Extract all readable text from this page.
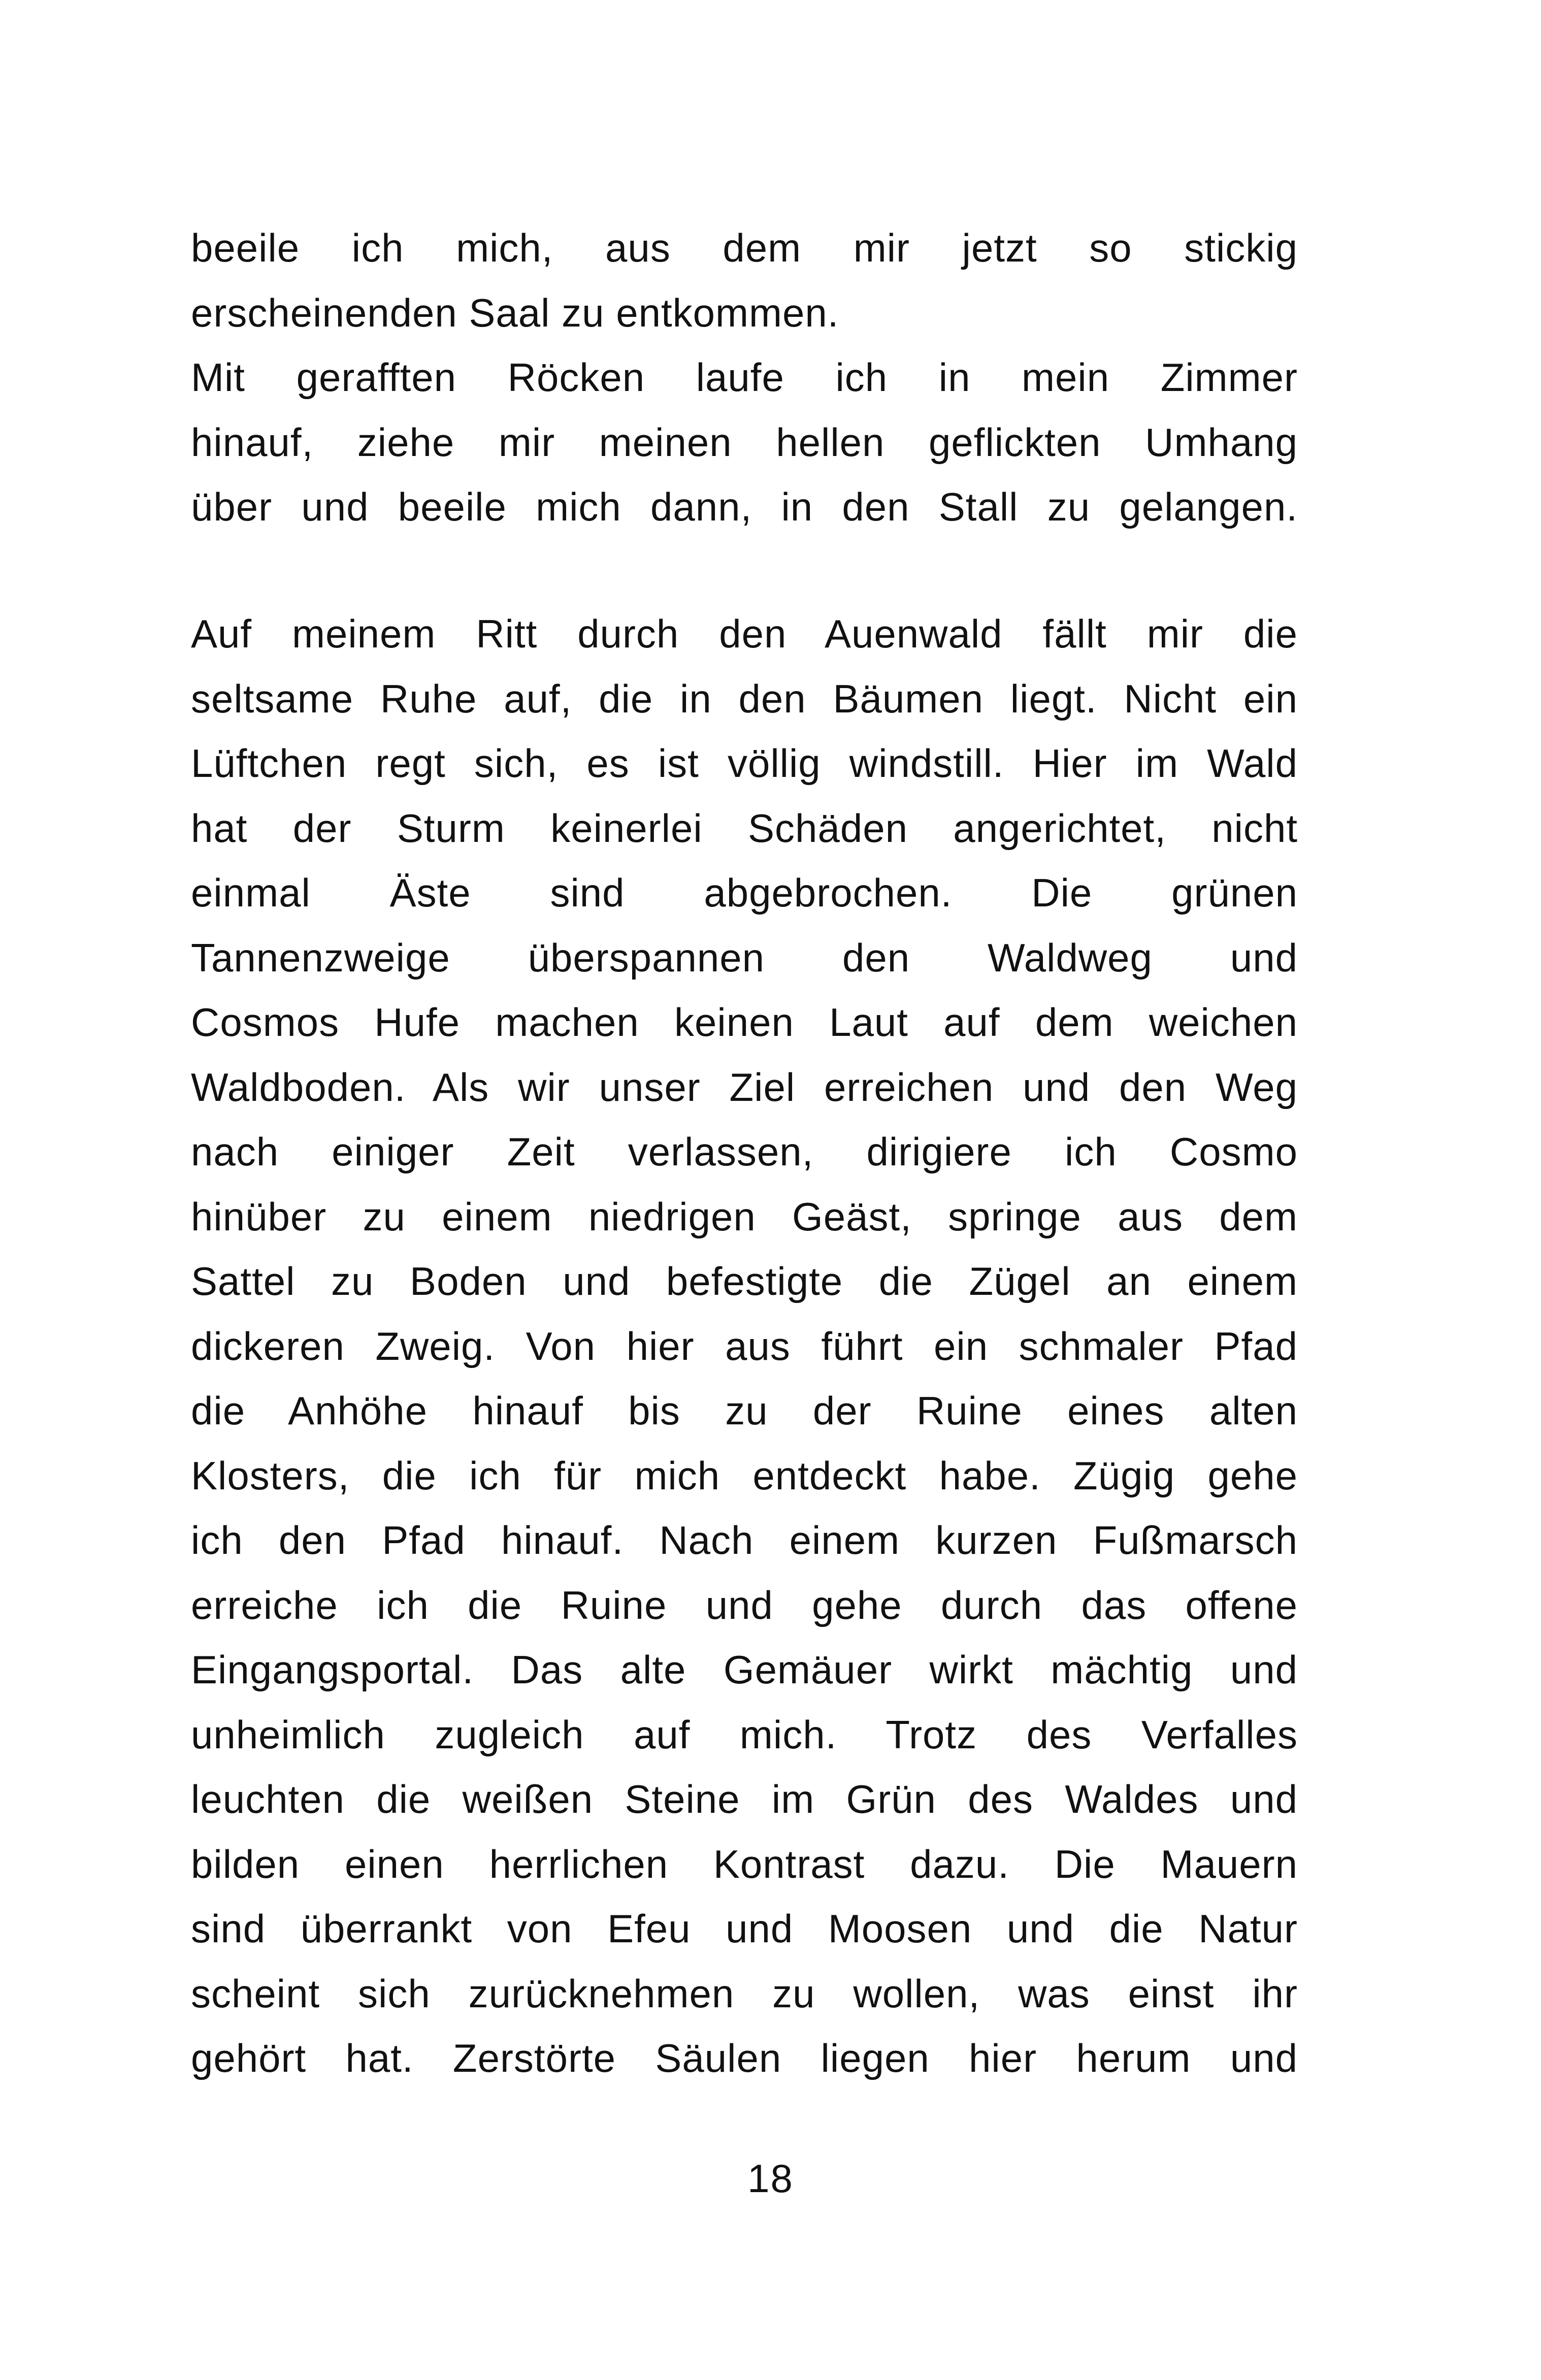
beeile ich mich, aus dem mir jetzt so stickig
erscheinenden Saal zu entkommen.
Mit gerafften Röcken laufe ich in mein Zimmer
hinauf, ziehe mir meinen hellen geflickten Umhang
über und beeile mich dann, in den Stall zu gelangen.
Auf meinem Ritt durch den Auenwald fällt mir die
seltsame Ruhe auf, die in den Bäumen liegt. Nicht ein
Lüftchen regt sich, es ist völlig windstill. Hier im Wald
hat der Sturm keinerlei Schäden angerichtet, nicht
einmal Äste sind abgebrochen. Die grünen
Tannenzweige überspannen den Waldweg und
Cosmos Hufe machen keinen Laut auf dem weichen
Waldboden. Als wir unser Ziel erreichen und den Weg
nach einiger Zeit verlassen, dirigiere ich Cosmo
hinüber zu einem niedrigen Geäst, springe aus dem
Sattel zu Boden und befestigte die Zügel an einem
dickeren Zweig. Von hier aus führt ein schmaler Pfad
die Anhöhe hinauf bis zu der Ruine eines alten
Klosters, die ich für mich entdeckt habe. Zügig gehe
ich den Pfad hinauf. Nach einem kurzen Fußmarsch
erreiche ich die Ruine und gehe durch das offene
Eingangsportal. Das alte Gemäuer wirkt mächtig und
unheimlich zugleich auf mich. Trotz des Verfalles
leuchten die weißen Steine im Grün des Waldes und
bilden einen herrlichen Kontrast dazu. Die Mauern
sind überrankt von Efeu und Moosen und die Natur
scheint sich zurücknehmen zu wollen, was einst ihr
gehört hat. Zerstörte Säulen liegen hier herum und
18
